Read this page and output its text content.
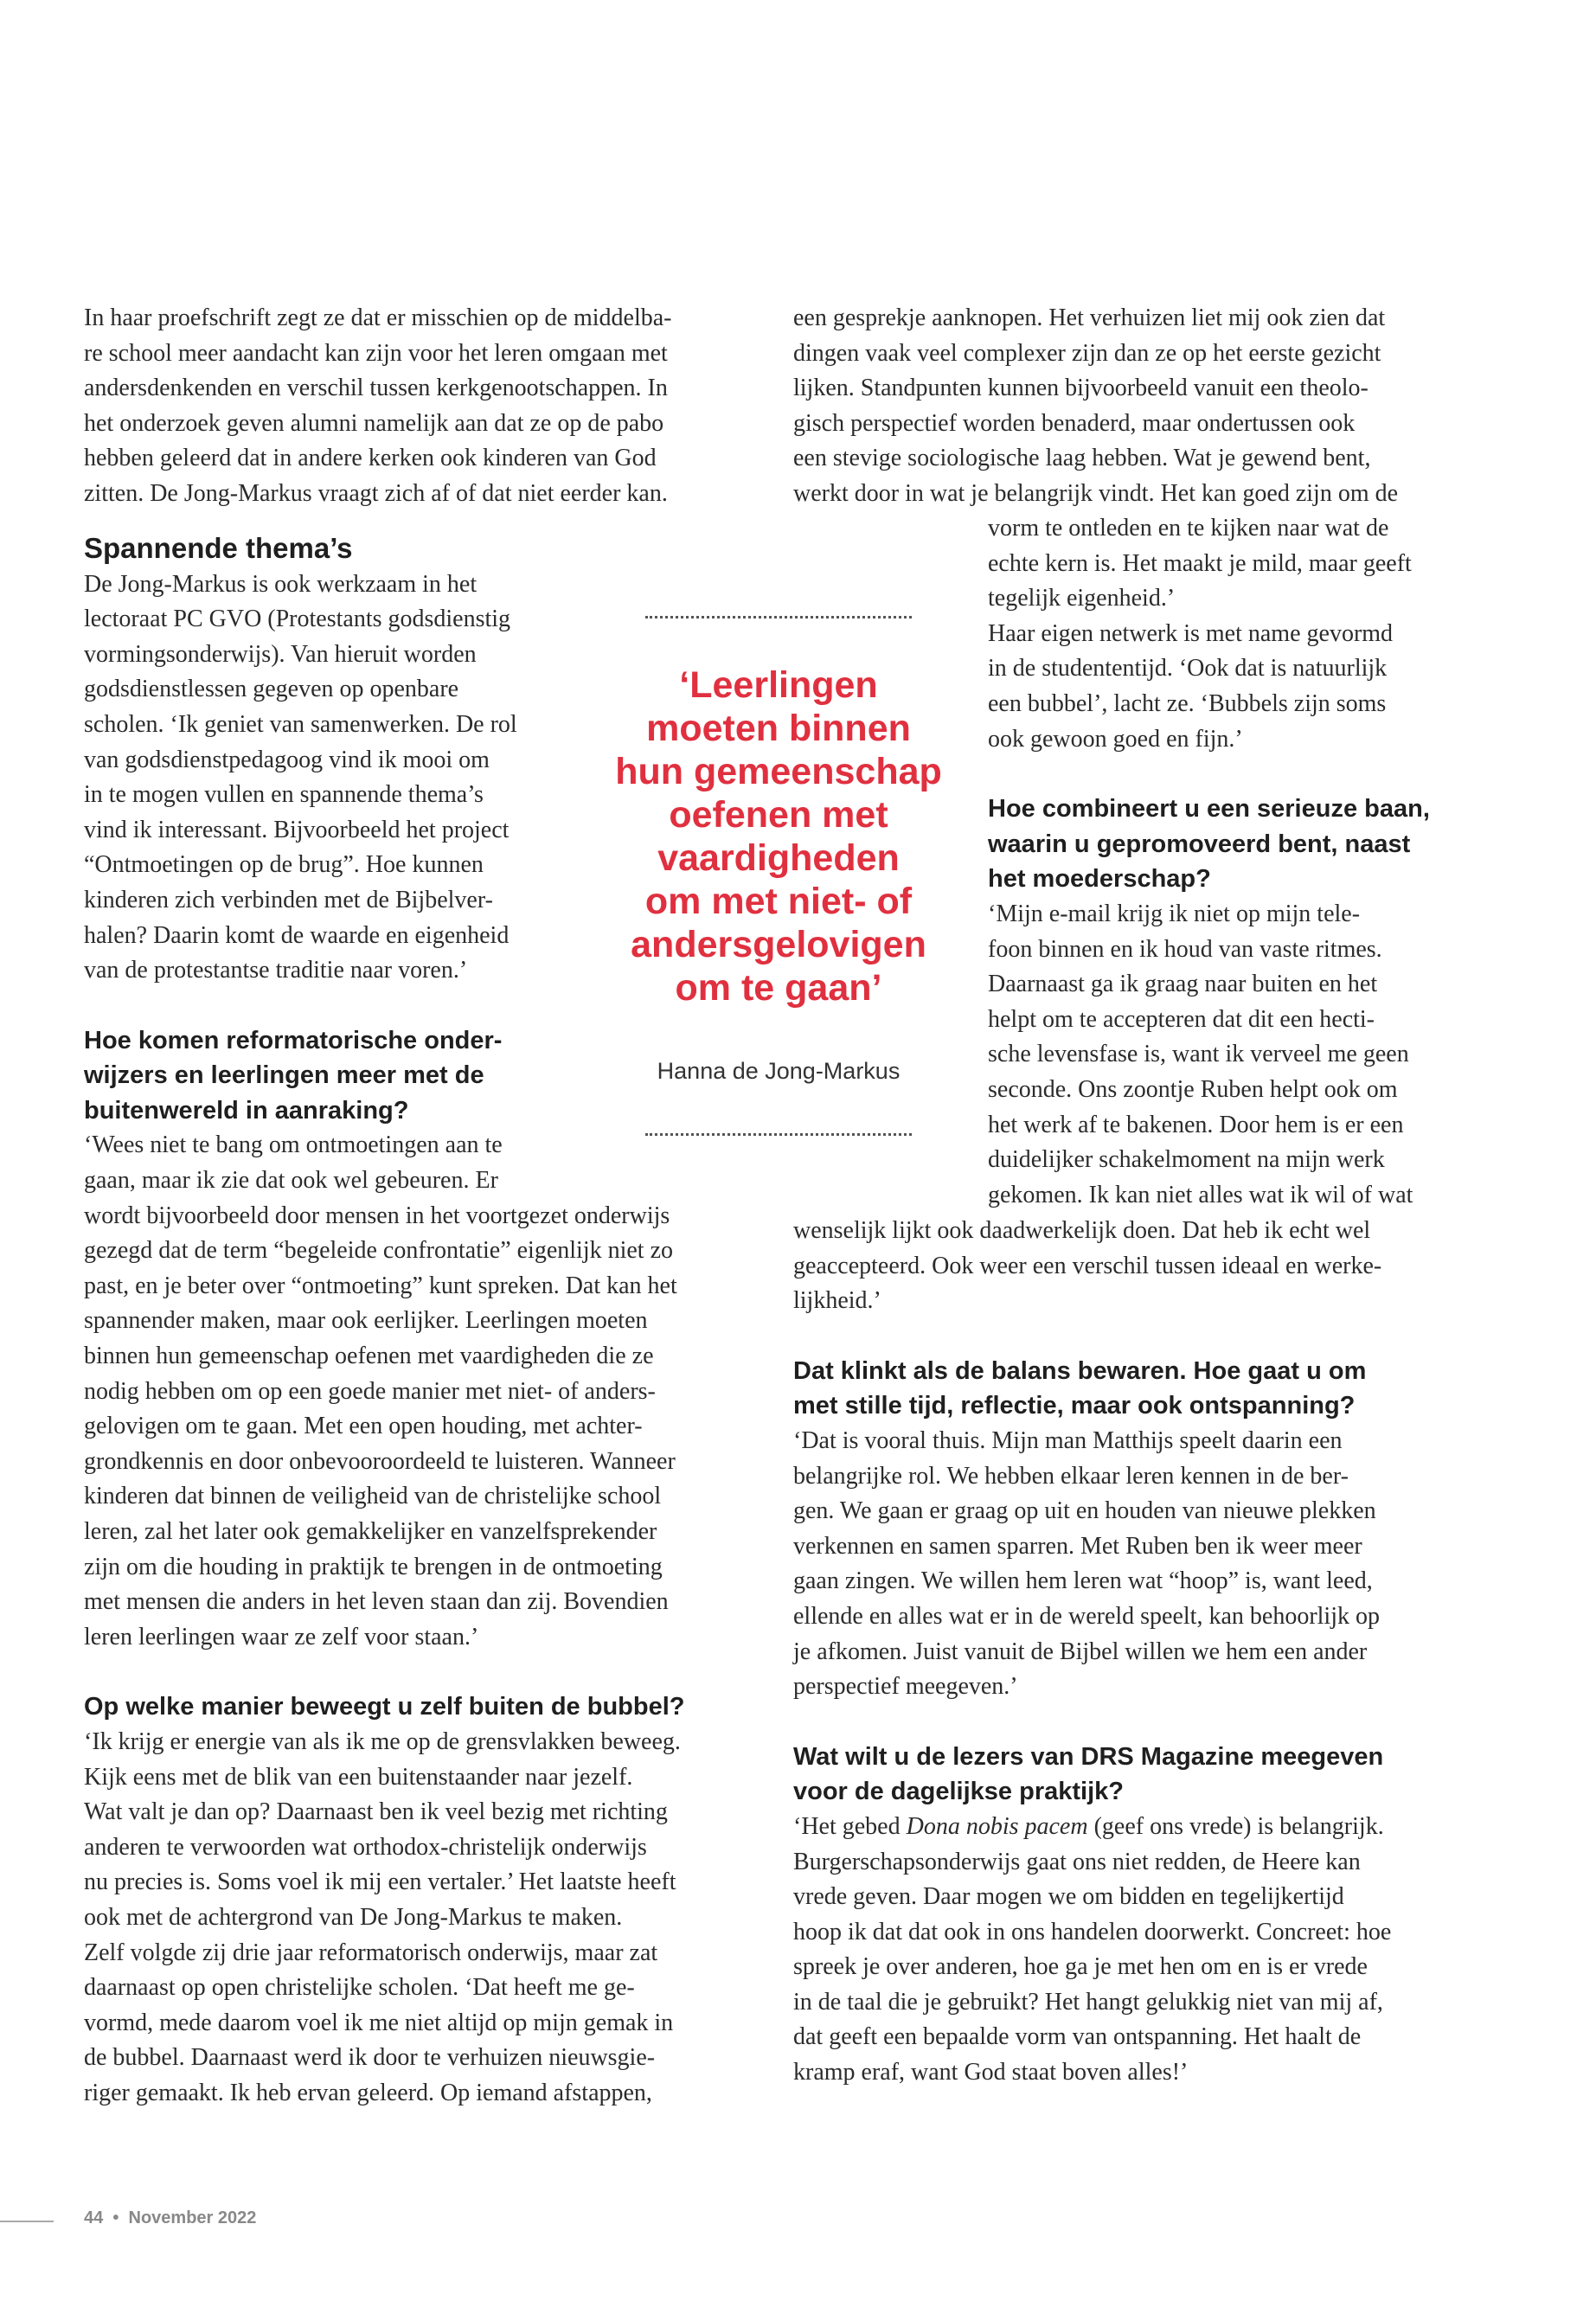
In haar proefschrift zegt ze dat er misschien op de middelba-
re school meer aandacht kan zijn voor het leren omgaan met
andersdenkenden en verschil tussen kerkgenootschappen. In
het onderzoek geven alumni namelijk aan dat ze op de pabo
hebben geleerd dat in andere kerken ook kinderen van God
zitten. De Jong-Markus vraagt zich af of dat niet eerder kan.
Spannende thema’s
De Jong-Markus is ook werkzaam in het
lectoraat PC GVO (Protestants godsdienstig
vormingsonderwijs). Van hieruit worden
godsdienstlessen gegeven op openbare
scholen. ‘Ik geniet van samenwerken. De rol
van godsdienstpedagoog vind ik mooi om
in te mogen vullen en spannende thema’s
vind ik interessant. Bijvoorbeeld het project
“Ontmoetingen op de brug”. Hoe kunnen
kinderen zich verbinden met de Bijbelver-
halen? Daarin komt de waarde en eigenheid
van de protestantse traditie naar voren.’
Hoe komen reformatorische onder-
wijzers en leerlingen meer met de
buitenwereld in aanraking?
‘Wees niet te bang om ontmoetingen aan te
gaan, maar ik zie dat ook wel gebeuren. Er
wordt bijvoorbeeld door mensen in het voortgezet onderwijs
gezegd dat de term “begeleide confrontatie” eigenlijk niet zo
past, en je beter over “ontmoeting” kunt spreken. Dat kan het
spannender maken, maar ook eerlijker. Leerlingen moeten
binnen hun gemeenschap oefenen met vaardigheden die ze
nodig hebben om op een goede manier met niet- of anders-
gelovigen om te gaan. Met een open houding, met achter-
grondkennis en door onbevooroordeeld te luisteren. Wanneer
kinderen dat binnen de veiligheid van de christelijke school
leren, zal het later ook gemakkelijker en vanzelfsprekender
zijn om die houding in praktijk te brengen in de ontmoeting
met mensen die anders in het leven staan dan zij. Bovendien
leren leerlingen waar ze zelf voor staan.’
Op welke manier beweegt u zelf buiten de bubbel?
‘Ik krijg er energie van als ik me op de grensvlakken beweeg.
Kijk eens met de blik van een buitenstaander naar jezelf.
Wat valt je dan op? Daarnaast ben ik veel bezig met richting
anderen te verwoorden wat orthodox-christelijk onderwijs
nu precies is. Soms voel ik mij een vertaler.’ Het laatste heeft
ook met de achtergrond van De Jong-Markus te maken.
Zelf volgde zij drie jaar reformatorisch onderwijs, maar zat
daarnaast op open christelijke scholen. ‘Dat heeft me ge-
vormd, mede daarom voel ik me niet altijd op mijn gemak in
de bubbel. Daarnaast werd ik door te verhuizen nieuwsgie-
riger gemaakt. Ik heb ervan geleerd. Op iemand afstappen,
een gesprekje aanknopen. Het verhuizen liet mij ook zien dat
dingen vaak veel complexer zijn dan ze op het eerste gezicht
lijken. Standpunten kunnen bijvoorbeeld vanuit een theolo-
gisch perspectief worden benaderd, maar ondertussen ook
een stevige sociologische laag hebben. Wat je gewend bent,
werkt door in wat je belangrijk vindt. Het kan goed zijn om de
vorm te ontleden en te kijken naar wat de
echte kern is. Het maakt je mild, maar geeft
tegelijk eigenheid.’
Haar eigen netwerk is met name gevormd
in de studententijd. ‘Ook dat is natuurlijk
een bubbel’, lacht ze. ‘Bubbels zijn soms
ook gewoon goed en fijn.’
Hoe combineert u een serieuze baan,
waarin u gepromoveerd bent, naast
het moederschap?
‘Mijn e-mail krijg ik niet op mijn tele-
foon binnen en ik houd van vaste ritmes.
Daarnaast ga ik graag naar buiten en het
helpt om te accepteren dat dit een hecti-
sche levensfase is, want ik verveel me geen
seconde. Ons zoontje Ruben helpt ook om
het werk af te bakenen. Door hem is er een
duidelijker schakelmoment na mijn werk
gekomen. Ik kan niet alles wat ik wil of wat
wenselijk lijkt ook daadwerkelijk doen. Dat heb ik echt wel
geaccepteerd. Ook weer een verschil tussen ideaal en werke-
lijkheid.’
Dat klinkt als de balans bewaren. Hoe gaat u om
met stille tijd, reflectie, maar ook ontspanning?
‘Dat is vooral thuis. Mijn man Matthijs speelt daarin een
belangrijke rol. We hebben elkaar leren kennen in de ber-
gen. We gaan er graag op uit en houden van nieuwe plekken
verkennen en samen sparren. Met Ruben ben ik weer meer
gaan zingen. We willen hem leren wat “hoop” is, want leed,
ellende en alles wat er in de wereld speelt, kan behoorlijk op
je afkomen. Juist vanuit de Bijbel willen we hem een ander
perspectief meegeven.’
Wat wilt u de lezers van DRS Magazine meegeven
voor de dagelijkse praktijk?
‘Het gebed Dona nobis pacem (geef ons vrede) is belangrijk.
Burgerschapsonderwijs gaat ons niet redden, de Heere kan
vrede geven. Daar mogen we om bidden en tegelijkertijd
hoop ik dat dat ook in ons handelen doorwerkt. Concreet: hoe
spreek je over anderen, hoe ga je met hen om en is er vrede
in de taal die je gebruikt? Het hangt gelukkig niet van mij af,
dat geeft een bepaalde vorm van ontspanning. Het haalt de
kramp eraf, want God staat boven alles!’
‘Leerlingen
moeten binnen
hun gemeenschap
oefenen met
vaardigheden
om met niet- of
andersgelovigen
om te gaan’
Hanna de Jong-Markus
44 • November 2022
